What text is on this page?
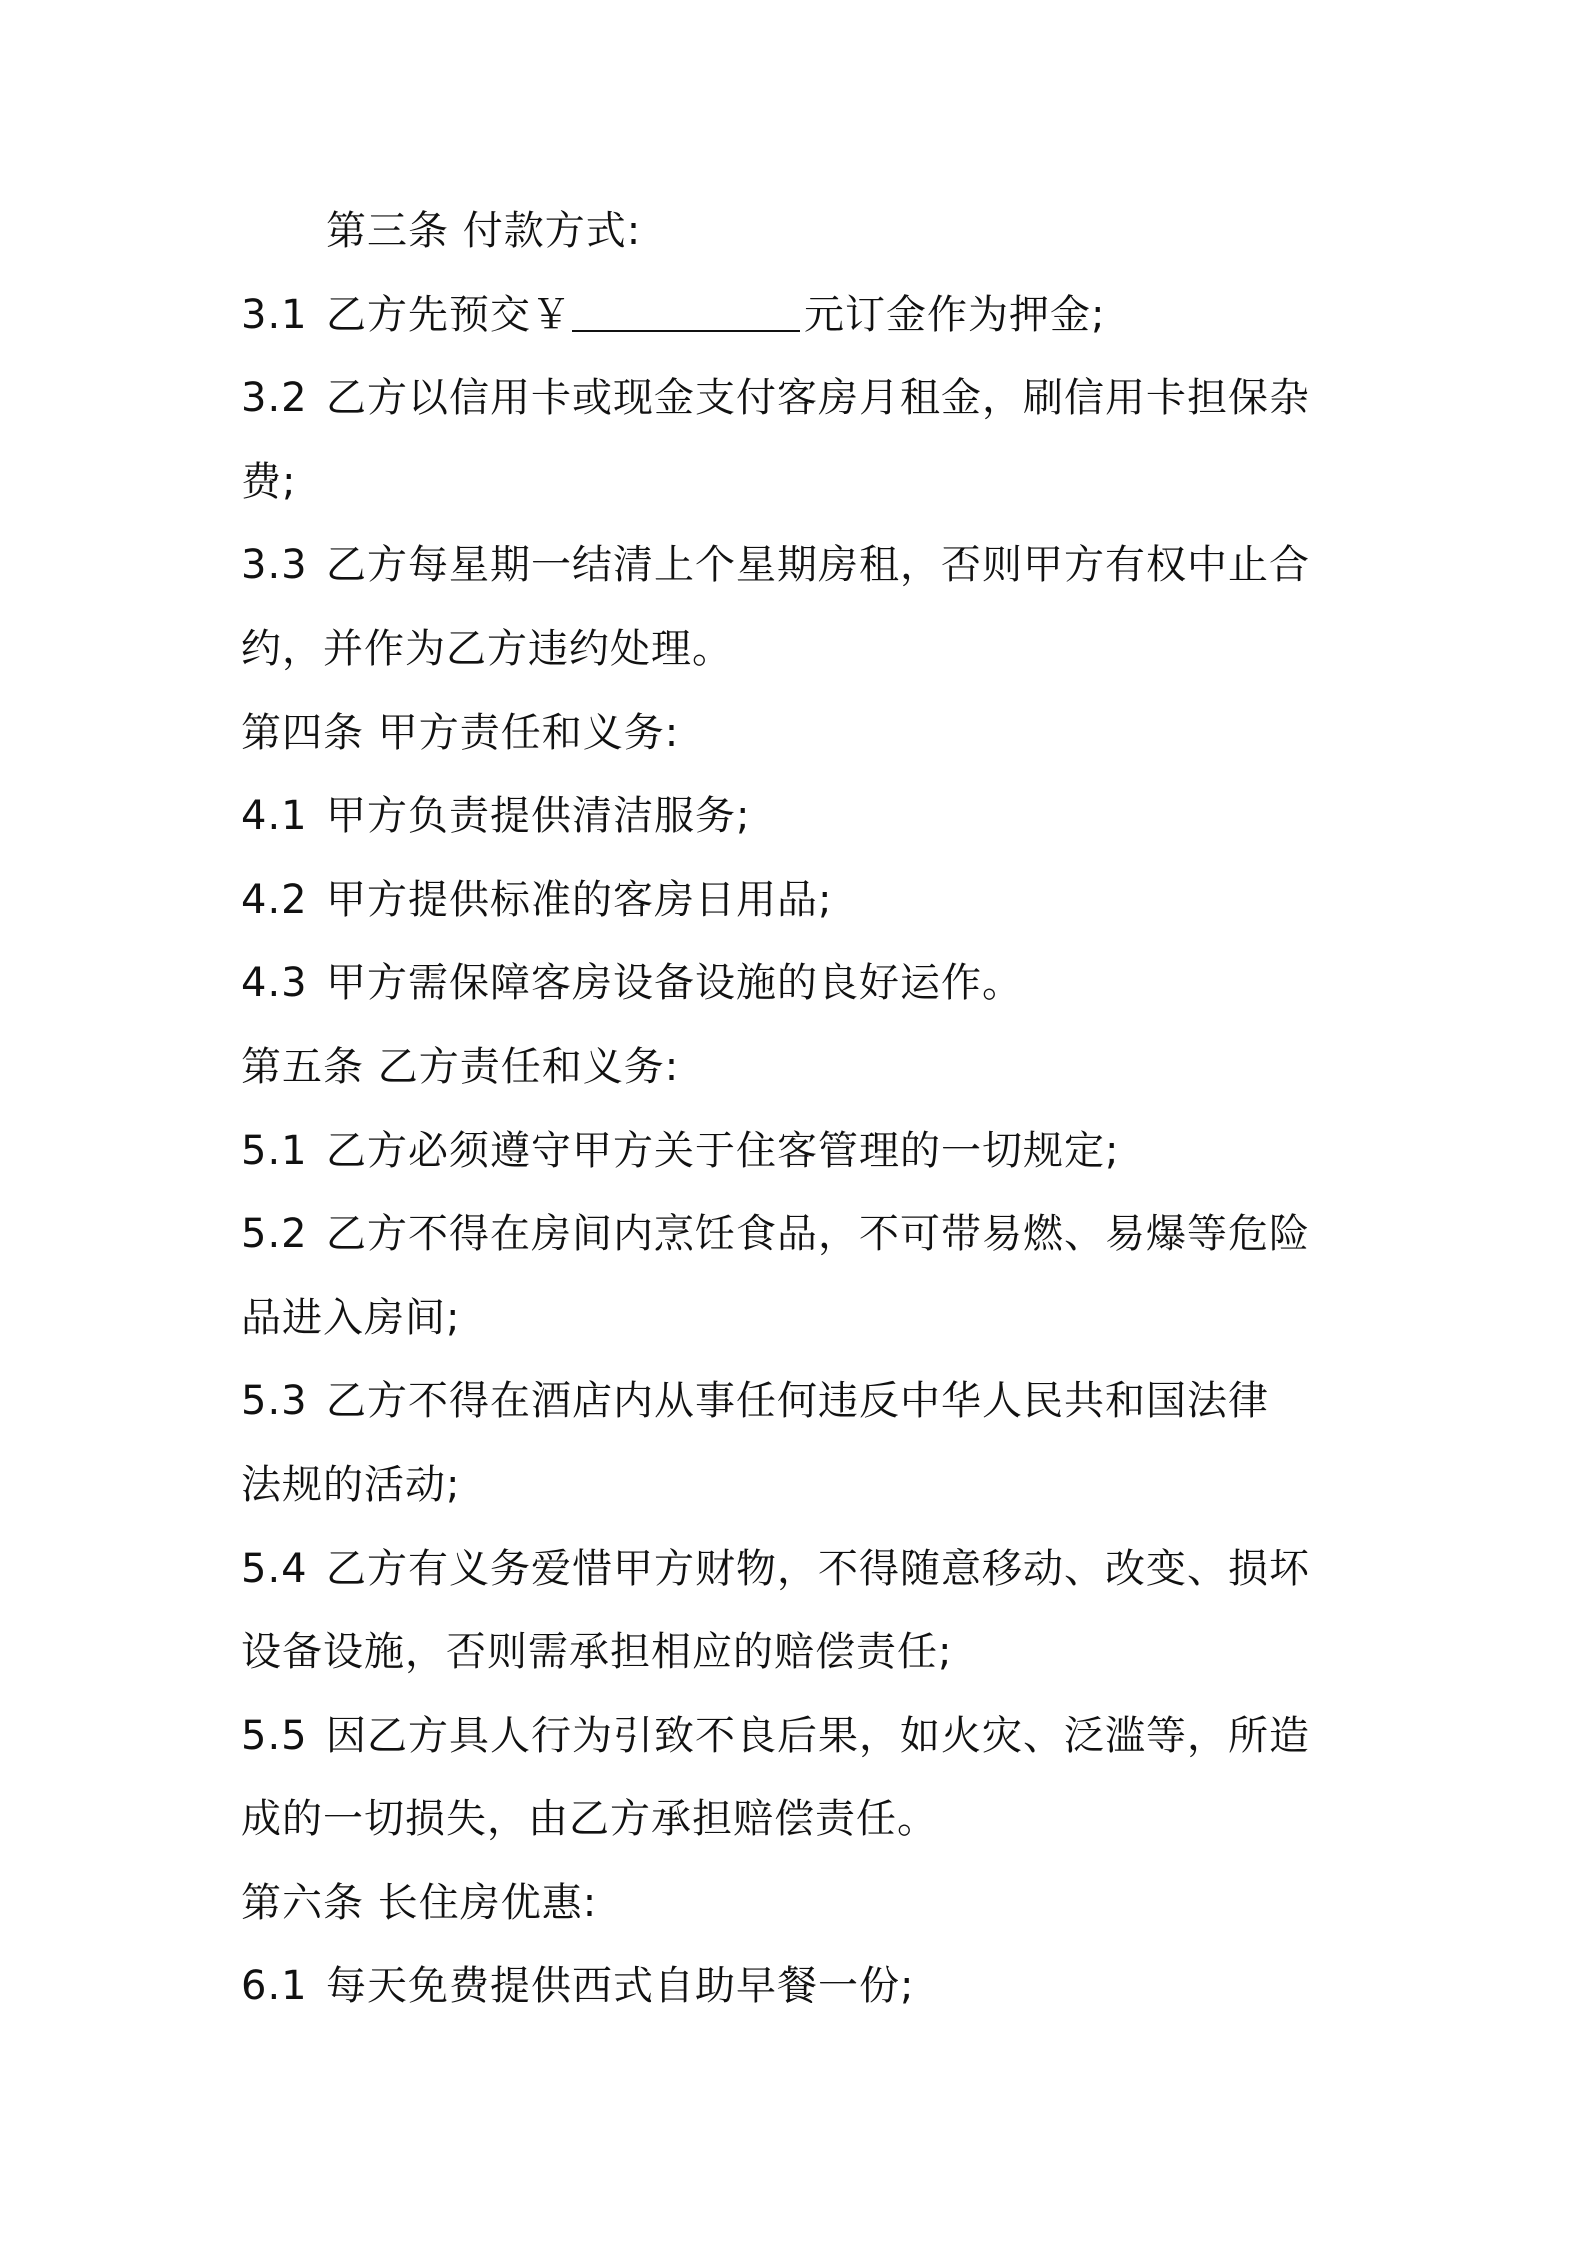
第三条 付款方式:
3.1 乙方先预交￥	元订金作为押金;
3.2 乙方以信用卡或现金支付客房月租金，刷信用卡担保杂
费;
3.3 乙方每星期一结清上个星期房租，否则甲方有权中止合
约，并作为乙方违约处理。
第四条 甲方责任和义务:
4.1 甲方负责提供清洁服务;
4.2 甲方提供标准的客房日用品;
4.3 甲方需保障客房设备设施的良好运作。
第五条 乙方责任和义务:
5.1 乙方必须遵守甲方关于住客管理的一切规定;
5.2 乙方不得在房间内烹饪食品，不可带易燃、易爆等危险
品进入房间;
5.3 乙方不得在酒店内从事任何违反中华人民共和国法律
法规的活动;
5.4 乙方有义务爱惜甲方财物，不得随意移动、改变、损坏
设备设施，否则需承担相应的赔偿责任;
5.5 因乙方具人行为引致不良后果，如火灾、泛滥等，所造
成的一切损失，由乙方承担赔偿责任。
第六条 长住房优惠:
6.1 每天免费提供西式自助早餐一份;
